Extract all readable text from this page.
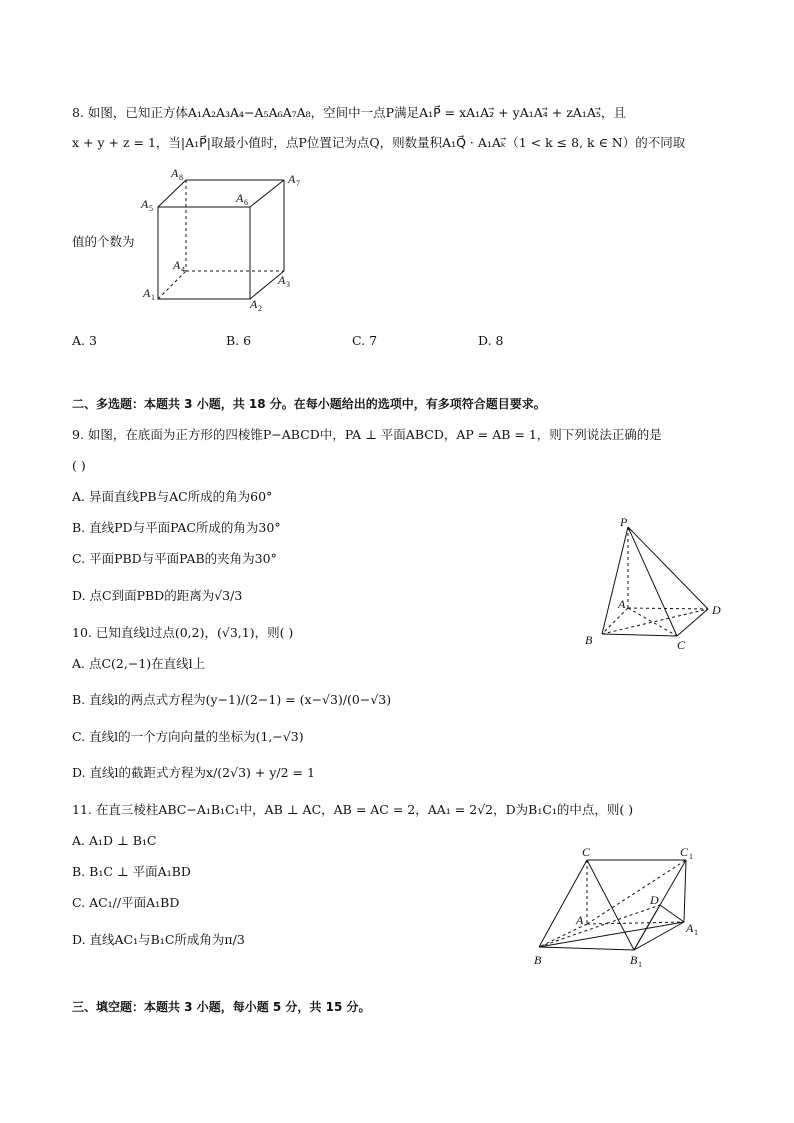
8. 如图，已知正方体A₁A₂A₃A₄−A₅A₆A₇A₈，空间中一点P满足A₁P⃗ = xA₁A₂⃗ + yA₁A₄⃗ + zA₁A₅⃗，且
x + y + z = 1，当|A₁P⃗|取最小值时，点P位置记为点Q，则数量积A₁Q⃗ · A₁Aₖ⃗（1 < k ≤ 8, k ∈ N）的不同取
值的个数为
A 8	A 7
A 5
A 6
A 4
A 3
A 1	A 2
A. 3	B. 6	C. 7	D. 8
二、多选题：本题共 3 小题，共 18 分。在每小题给出的选项中，有多项符合题目要求。
9. 如图，在底面为正方形的四棱锥P−ABCD中，PA ⊥ 平面ABCD，AP = AB = 1，则下列说法正确的是
( )
A. 异面直线PB与AC所成的角为60°
B. 直线PD与平面PAC所成的角为30°
C. 平面PBD与平面PAB的夹角为30°
D. 点C到面PBD的距离为√3/3
P
A	D
B	C
10. 已知直线l过点(0,2)，(√3,1)，则( )
A. 点C(2,−1)在直线l上
B. 直线l的两点式方程为(y−1)/(2−1) = (x−√3)/(0−√3)
C. 直线l的一个方向向量的坐标为(1,−√3)
D. 直线l的截距式方程为x/(2√3) + y/2 = 1
11. 在直三棱柱ABC−A₁B₁C₁中，AB ⊥ AC，AB = AC = 2，AA₁ = 2√2，D为B₁C₁的中点，则( )
A. A₁D ⊥ B₁C
B. B₁C ⊥ 平面A₁BD
C. AC₁//平面A₁BD
D. 直线AC₁与B₁C所成角为π/3
C	C 1
A
D
A 1
B	B 1
三、填空题：本题共 3 小题，每小题 5 分，共 15 分。
